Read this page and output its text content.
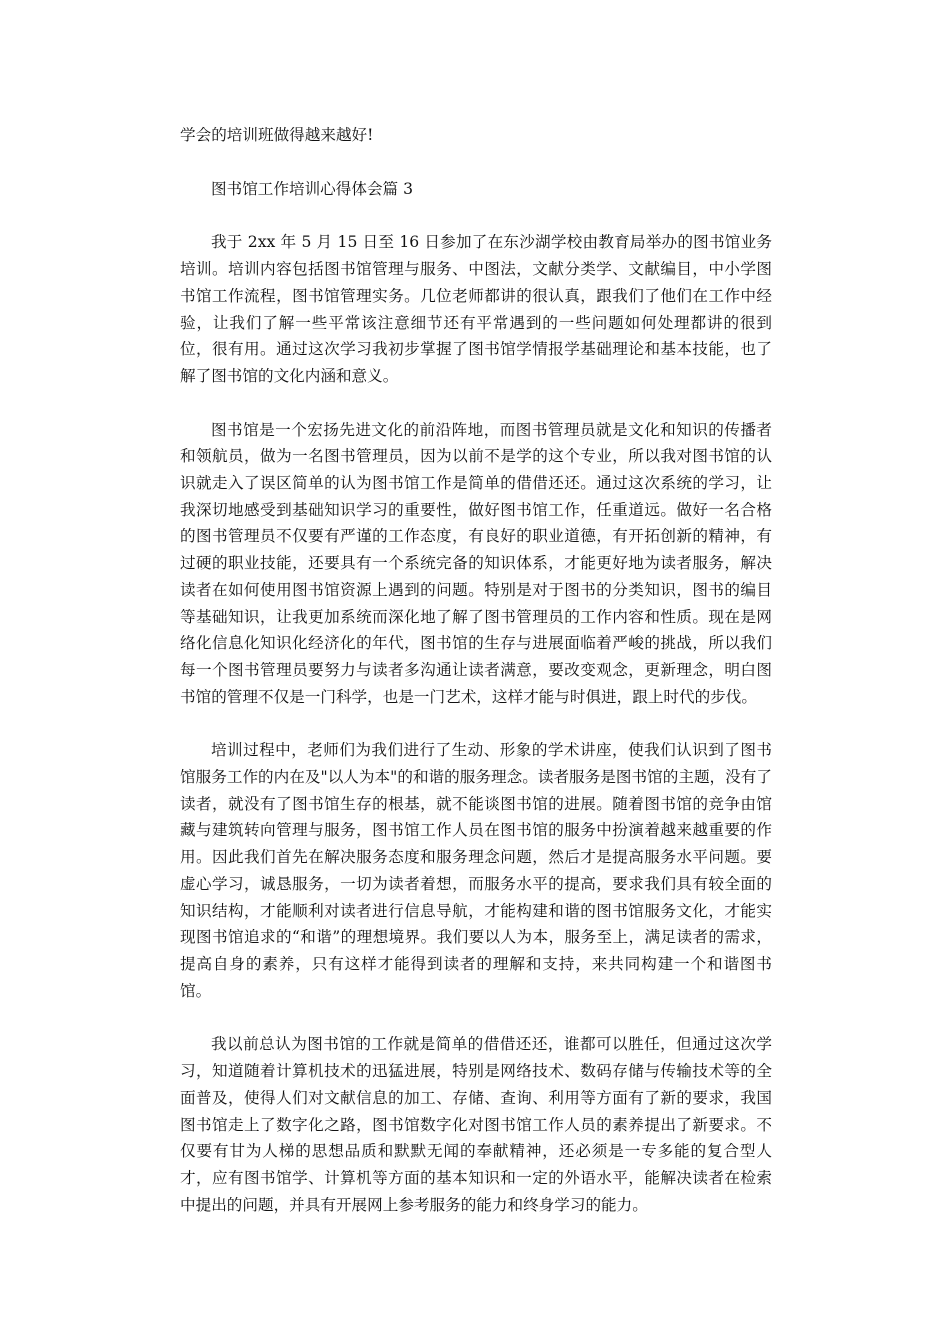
学会的培训班做得越来越好!

图书馆工作培训心得体会篇 3

我于 2xx 年 5 月 15 日至 16 日参加了在东沙湖学校由教育局举办的图书馆业务培训。培训内容包括图书馆管理与服务、中图法，文献分类学、文献编目，中小学图书馆工作流程，图书馆管理实务。几位老师都讲的很认真，跟我们了他们在工作中经验，让我们了解一些平常该注意细节还有平常遇到的一些问题如何处理都讲的很到位，很有用。通过这次学习我初步掌握了图书馆学情报学基础理论和基本技能，也了解了图书馆的文化内涵和意义。

图书馆是一个宏扬先进文化的前沿阵地，而图书管理员就是文化和知识的传播者和领航员，做为一名图书管理员，因为以前不是学的这个专业，所以我对图书馆的认识就走入了误区简单的认为图书馆工作是简单的借借还还。通过这次系统的学习，让我深切地感受到基础知识学习的重要性，做好图书馆工作，任重道远。做好一名合格的图书管理员不仅要有严谨的工作态度，有良好的职业道德，有开拓创新的精神，有过硬的职业技能，还要具有一个系统完备的知识体系，才能更好地为读者服务，解决读者在如何使用图书馆资源上遇到的问题。特别是对于图书的分类知识，图书的编目等基础知识，让我更加系统而深化地了解了图书管理员的工作内容和性质。现在是网络化信息化知识化经济化的年代，图书馆的生存与进展面临着严峻的挑战，所以我们每一个图书管理员要努力与读者多沟通让读者满意，要改变观念，更新理念，明白图书馆的管理不仅是一门科学，也是一门艺术，这样才能与时俱进，跟上时代的步伐。

培训过程中，老师们为我们进行了生动、形象的学术讲座，使我们认识到了图书馆服务工作的内在及"以人为本"的和谐的服务理念。读者服务是图书馆的主题，没有了读者，就没有了图书馆生存的根基，就不能谈图书馆的进展。随着图书馆的竞争由馆藏与建筑转向管理与服务，图书馆工作人员在图书馆的服务中扮演着越来越重要的作用。因此我们首先在解决服务态度和服务理念问题，然后才是提高服务水平问题。要虚心学习，诚恳服务，一切为读者着想，而服务水平的提高，要求我们具有较全面的知识结构，才能顺利对读者进行信息导航，才能构建和谐的图书馆服务文化，才能实现图书馆追求的“和谐”的理想境界。我们要以人为本，服务至上，满足读者的需求，提高自身的素养，只有这样才能得到读者的理解和支持，来共同构建一个和谐图书馆。

我以前总认为图书馆的工作就是简单的借借还还，谁都可以胜任，但通过这次学习，知道随着计算机技术的迅猛进展，特别是网络技术、数码存储与传输技术等的全面普及，使得人们对文献信息的加工、存储、查询、利用等方面有了新的要求，我国图书馆走上了数字化之路，图书馆数字化对图书馆工作人员的素养提出了新要求。不仅要有甘为人梯的思想品质和默默无闻的奉献精神，还必须是一专多能的复合型人才，应有图书馆学、计算机等方面的基本知识和一定的外语水平，能解决读者在检索中提出的问题，并具有开展网上参考服务的能力和终身学习的能力。
